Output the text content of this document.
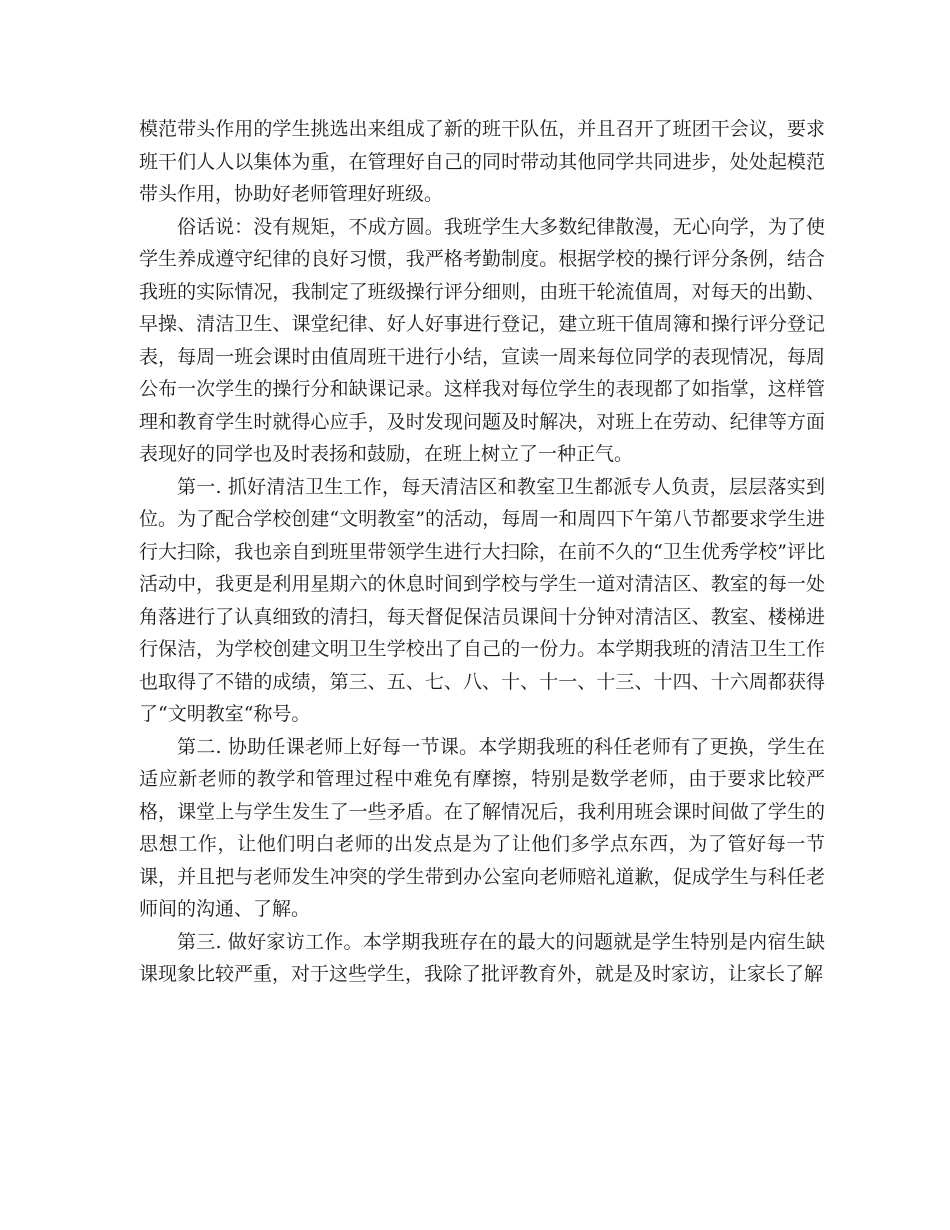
模范带头作用的学生挑选出来组成了新的班干队伍，并且召开了班团干会议，要求班干们人人以集体为重，在管理好自己的同时带动其他同学共同进步，处处起模范带头作用，协助好老师管理好班级。

俗话说：没有规矩，不成方圆。我班学生大多数纪律散漫，无心向学，为了使学生养成遵守纪律的良好习惯，我严格考勤制度。根据学校的操行评分条例，结合我班的实际情况，我制定了班级操行评分细则，由班干轮流值周，对每天的出勤、早操、清洁卫生、课堂纪律、好人好事进行登记，建立班干值周簿和操行评分登记表，每周一班会课时由值周班干进行小结，宣读一周来每位同学的表现情况，每周公布一次学生的操行分和缺课记录。这样我对每位学生的表现都了如指掌，这样管理和教育学生时就得心应手，及时发现问题及时解决，对班上在劳动、纪律等方面表现好的同学也及时表扬和鼓励，在班上树立了一种正气。

第一. 抓好清洁卫生工作，每天清洁区和教室卫生都派专人负责，层层落实到位。为了配合学校创建“文明教室”的活动，每周一和周四下午第八节都要求学生进行大扫除，我也亲自到班里带领学生进行大扫除，在前不久的“卫生优秀学校”评比活动中，我更是利用星期六的休息时间到学校与学生一道对清洁区、教室的每一处角落进行了认真细致的清扫，每天督促保洁员课间十分钟对清洁区、教室、楼梯进行保洁，为学校创建文明卫生学校出了自己的一份力。本学期我班的清洁卫生工作也取得了不错的成绩，第三、五、七、八、十、十一、十三、十四、十六周都获得了“文明教室“称号。

第二. 协助任课老师上好每一节课。本学期我班的科任老师有了更换，学生在适应新老师的教学和管理过程中难免有摩擦，特别是数学老师，由于要求比较严格，课堂上与学生发生了一些矛盾。在了解情况后，我利用班会课时间做了学生的思想工作，让他们明白老师的出发点是为了让他们多学点东西，为了管好每一节课，并且把与老师发生冲突的学生带到办公室向老师赔礼道歉，促成学生与科任老师间的沟通、了解。

第三. 做好家访工作。本学期我班存在的最大的问题就是学生特别是内宿生缺课现象比较严重，对于这些学生，我除了批评教育外，就是及时家访，让家长了解
